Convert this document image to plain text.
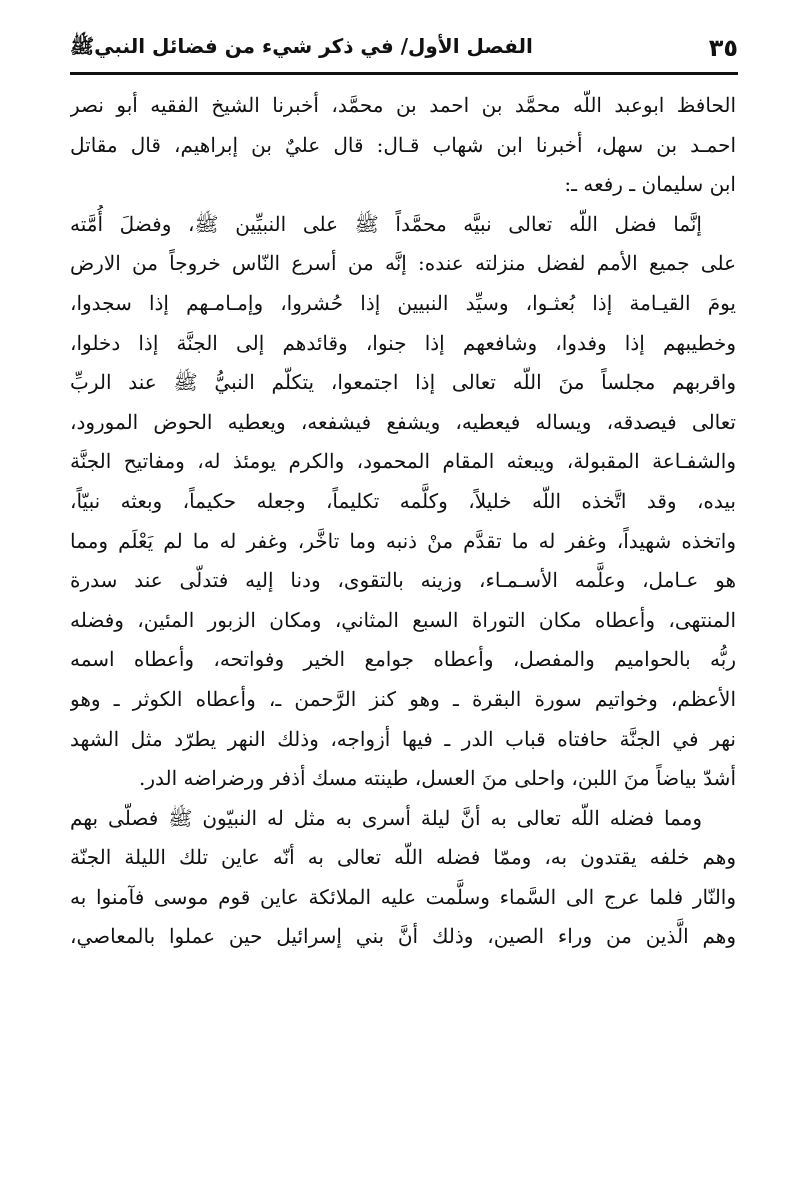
الفصل الأول/ في ذكر شيء من فضائل النبيﷺ	٣٥
الحافظ ابوعبد اللّه محمَّد بن احمد بن محمَّد، أخبرنا الشيخ الفقيه أبو نصر
احمـد بن سهل، أخبرنا ابن شهاب قـال: قال عليٌ بن إبراهيم، قال مقاتل
ابن سليمان ـ رفعه ـ:
إنَّما فضل اللّه تعالى نبيَّه محمَّداً ﷺ على النبيِّين ﷺ، وفضلَ أُمَّته
على جميع الأمم لفضل منزلته عنده: إنَّه من أسرع النّاس خروجاً من الارض
يومَ القيـامة إذا بُعثـوا، وسيِّد النبيين إذا حُشروا، وإمـامـهم إذا سجدوا،
وخطيبهم إذا وفدوا، وشافعهم إذا جنوا، وقائدهم إلى الجنَّة إذا دخلوا،
واقربهم مجلساً منَ اللّه تعالى إذا اجتمعوا، يتكلّم النبيُّ ﷺ عند الربِّ
تعالى فيصدقه، ويساله فيعطيه، ويشفع فيشفعه، ويعطيه الحوض المورود،
والشفـاعة المقبولة، ويبعثه المقام المحمود، والكرم يومئذ له، ومفاتيح الجنَّة
بيده، وقد اتَّخذه اللّه خليلاً، وكلَّمه تكليماً، وجعله حكيماً، وبعثه نبيّاً،
واتخذه شهيداً، وغفر له ما تقدَّم منْ ذنبه وما تاخَّر، وغفر له ما لم يَعْلَم ومما
هو عـامل، وعلَّمه الأسـمـاء، وزينه بالتقوى، ودنا إليه فتدلّى عند سدرة
المنتهى، وأعطاه مكان التوراة السبع المثاني، ومكان الزبور المئين، وفضله
ربُّه بالحواميم والمفصل، وأعطاه جوامع الخير وفواتحه، وأعطاه اسمه
الأعظم، وخواتيم سورة البقرة ـ وهو كنز الرَّحمن ـ، وأعطاه الكوثر ـ وهو
نهر في الجنَّة حافتاه قباب الدر ـ فيها أزواجه، وذلك النهر يطرّد مثل الشهد
أشدّ بياضاً منَ اللبن، واحلى منَ العسل، طينته مسك أذفر ورضراضه الدر.
ومما فضله اللّه تعالى به أنَّ ليلة أسرى به مثل له النبيّون ﷺ فصلّى بهم
وهم خلفه يقتدون به، وممّا فضله اللّه تعالى به أنّه عاين تلك الليلة الجنّة
والنّار فلما عرج الى السَّماء وسلَّمت عليه الملائكة عاين قوم موسى فآمنوا به
وهم الَّذين من وراء الصين، وذلك أنَّ بني إسرائيل حين عملوا بالمعاصي،
